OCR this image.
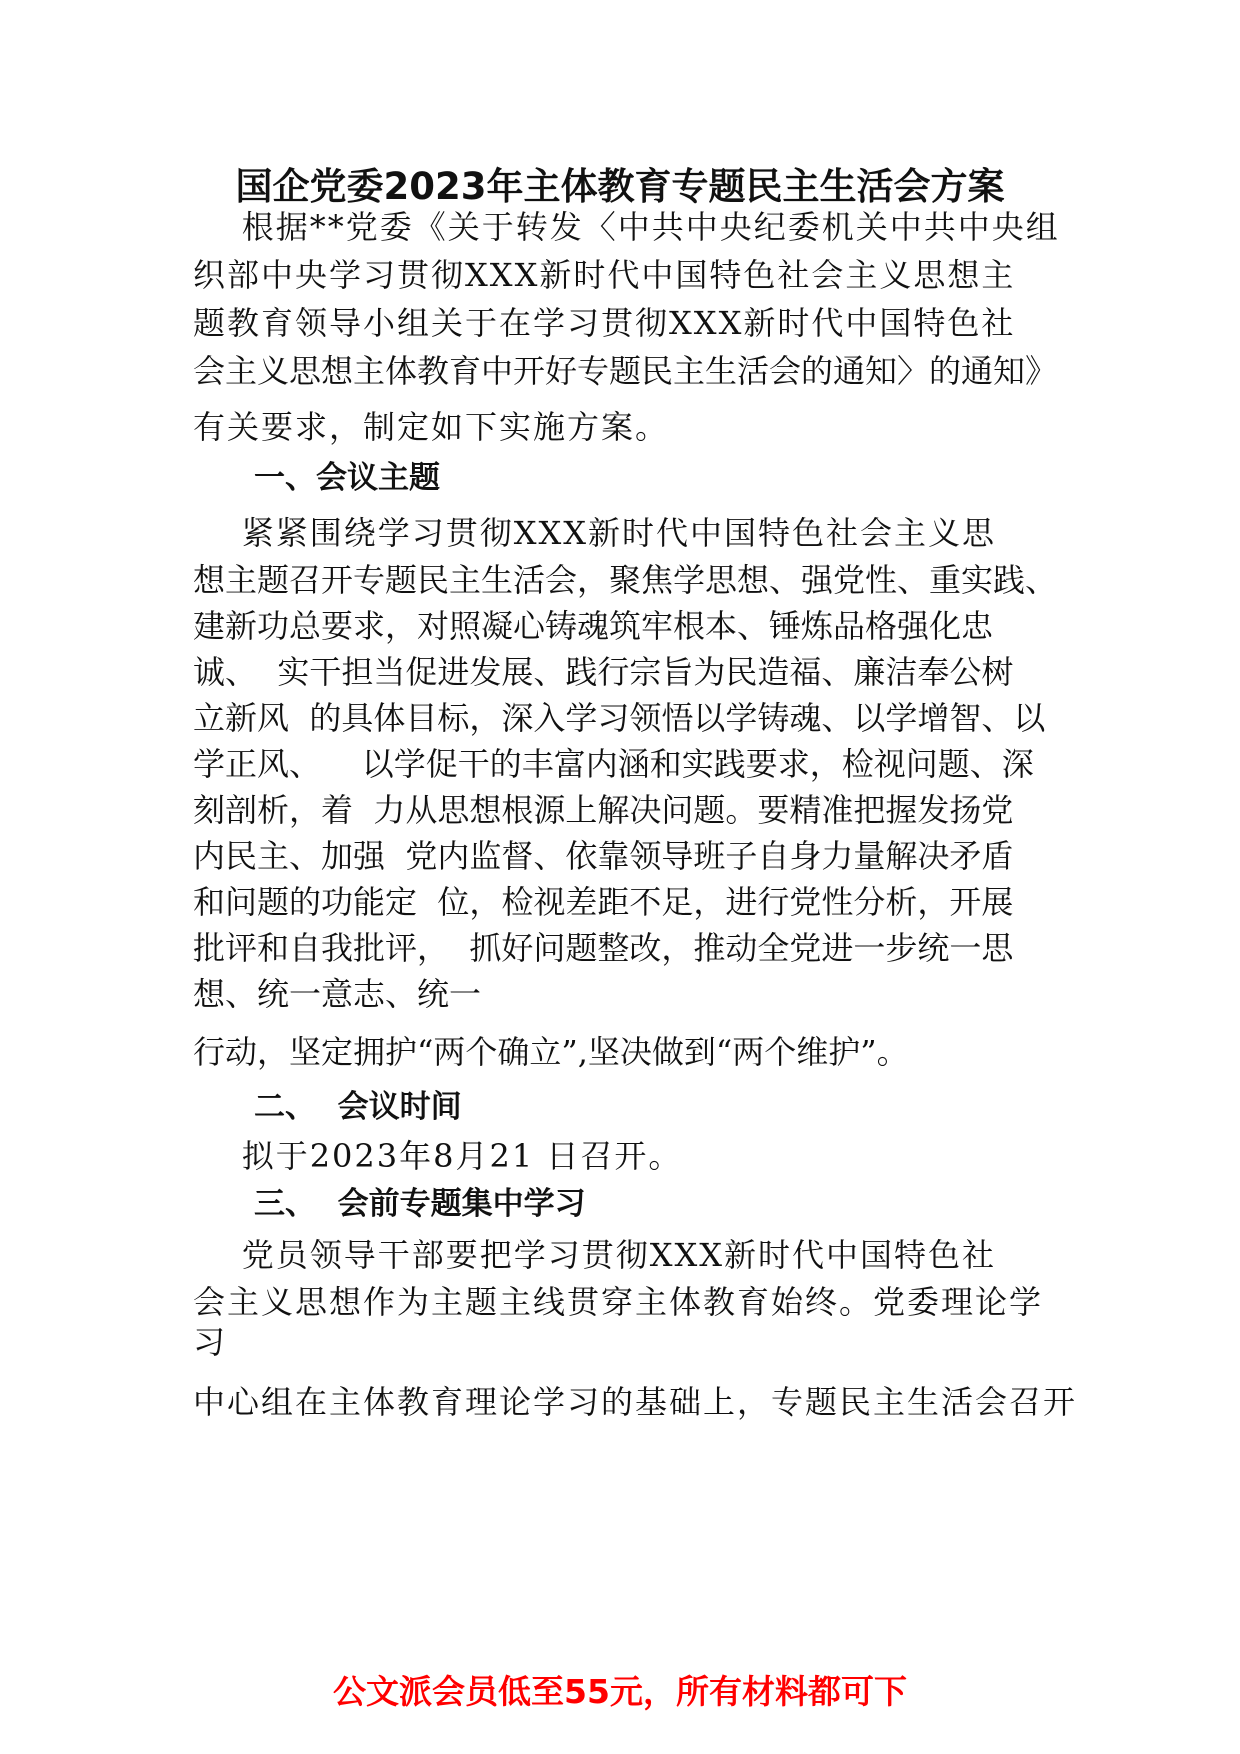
国企党委2023年主体教育专题民主生活会方案
根据**党委《关于转发〈中共中央纪委机关中共中央组
织部中央学习贯彻XXX新时代中国特色社会主义思想主
题教育领导小组关于在学习贯彻XXX新时代中国特色社
会主义思想主体教育中开好专题民主生活会的通知〉的通知》
有关要求，制定如下实施方案。
一、会议主题
紧紧围绕学习贯彻XXX新时代中国特色社会主义思
想主题召开专题民主生活会，聚焦学思想、强党性、重实践、
建新功总要求，对照凝心铸魂筑牢根本、锤炼品格强化忠
诚、  实干担当促进发展、践行宗旨为民造福、廉洁奉公树
立新风  的具体目标，深入学习领悟以学铸魂、以学增智、以
学正风、    以学促干的丰富内涵和实践要求，检视问题、深
刻剖析，着  力从思想根源上解决问题。要精准把握发扬党
内民主、加强  党内监督、依靠领导班子自身力量解决矛盾
和问题的功能定  位，检视差距不足，进行党性分析，开展
批评和自我批评，  抓好问题整改，推动全党进一步统一思
想、统一意志、统一
行动，坚定拥护“两个确立”,坚决做到“两个维护”。
二、  会议时间
拟于2023年8月21 日召开。
三、  会前专题集中学习
党员领导干部要把学习贯彻XXX新时代中国特色社
会主义思想作为主题主线贯穿主体教育始终。党委理论学
习
中心组在主体教育理论学习的基础上，专题民主生活会召开
公文派会员低至55元，所有材料都可下
